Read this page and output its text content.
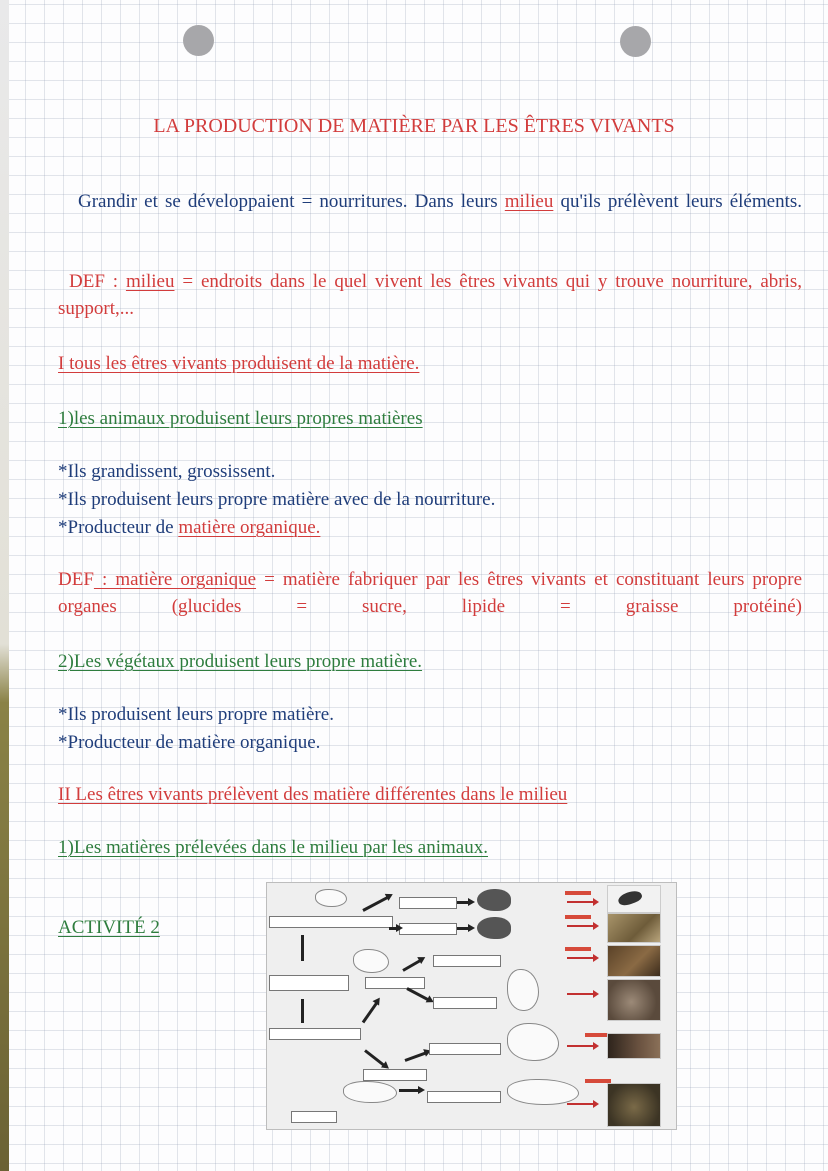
LA PRODUCTION DE MATIÈRE PAR LES ÊTRES VIVANTS

Grandir et se développaient = nourritures. Dans leurs milieu qu'ils prélèvent leurs éléments.

DEF : milieu = endroits dans le quel vivent les êtres vivants qui y trouve nourriture, abris, support,...

I tous les êtres vivants produisent de la matière.

1)les animaux produisent leurs propres matières

*Ils grandissent, grossissent.

*Ils produisent leurs propre matière avec de la nourriture.

*Producteur de matière organique.

DEF : matière organique = matière fabriquer par les êtres vivants et constituant leurs propre organes (glucides = sucre, lipide = graisse protéiné)

2)Les végétaux produisent leurs propre matière.

*Ils produisent leurs propre matière.

*Producteur de matière organique.

II Les êtres vivants prélèvent des matière différentes dans le milieu

1)Les matières prélevées dans le milieu par les animaux.

ACTIVITÉ 2
